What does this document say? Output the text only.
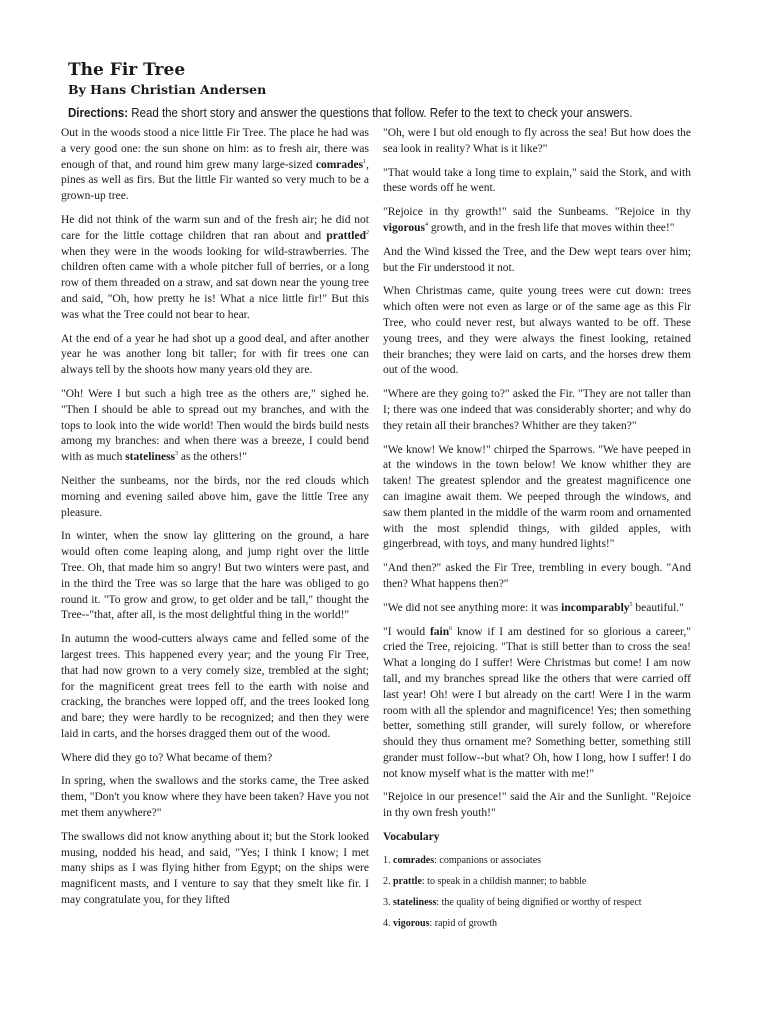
The Fir Tree
By Hans Christian Andersen

Directions: Read the short story and answer the questions that follow. Refer to the text to check your answers.

Out in the woods stood a nice little Fir Tree. The place he had was a very good one: the sun shone on him: as to fresh air, there was enough of that, and round him grew many large-sized comrades$^1$, pines as well as firs. But the little Fir wanted so very much to be a grown-up tree.

He did not think of the warm sun and of the fresh air; he did not care for the little cottage children that ran about and prattled$^2$ when they were in the woods looking for wild-strawberries. The children often came with a whole pitcher full of berries, or a long row of them threaded on a straw, and sat down near the young tree and said, "Oh, how pretty he is! What a nice little fir!" But this was what the Tree could not bear to hear.

At the end of a year he had shot up a good deal, and after another year he was another long bit taller; for with fir trees one can always tell by the shoots how many years old they are.

"Oh! Were I but such a high tree as the others are," sighed he. "Then I should be able to spread out my branches, and with the tops to look into the wide world! Then would the birds build nests among my branches: and when there was a breeze, I could bend with as much stateliness$^3$ as the others!"

Neither the sunbeams, nor the birds, nor the red clouds which morning and evening sailed above him, gave the little Tree any pleasure.

In winter, when the snow lay glittering on the ground, a hare would often come leaping along, and jump right over the little Tree. Oh, that made him so angry! But two winters were past, and in the third the Tree was so large that the hare was obliged to go round it. "To grow and grow, to get older and be tall," thought the Tree--"that, after all, is the most delightful thing in the world!"

In autumn the wood-cutters always came and felled some of the largest trees. This happened every year; and the young Fir Tree, that had now grown to a very comely size, trembled at the sight; for the magnificent great trees fell to the earth with noise and cracking, the branches were lopped off, and the trees looked long and bare; they were hardly to be recognized; and then they were laid in carts, and the horses dragged them out of the wood.

Where did they go to? What became of them?

In spring, when the swallows and the storks came, the Tree asked them, "Don't you know where they have been taken? Have you not met them anywhere?"

The swallows did not know anything about it; but the Stork looked musing, nodded his head, and said, "Yes; I think I know; I met many ships as I was flying hither from Egypt; on the ships were magnificent masts, and I venture to say that they smelt like fir. I may congratulate you, for they lifted

"Oh, were I but old enough to fly across the sea! But how does the sea look in reality? What is it like?"

"That would take a long time to explain," said the Stork, and with these words off he went.

"Rejoice in thy growth!" said the Sunbeams. "Rejoice in thy vigorous$^4$ growth, and in the fresh life that moves within thee!"

And the Wind kissed the Tree, and the Dew wept tears over him; but the Fir understood it not.

When Christmas came, quite young trees were cut down: trees which often were not even as large or of the same age as this Fir Tree, who could never rest, but always wanted to be off. These young trees, and they were always the finest looking, retained their branches; they were laid on carts, and the horses drew them out of the wood.

"Where are they going to?" asked the Fir. "They are not taller than I; there was one indeed that was considerably shorter; and why do they retain all their branches? Whither are they taken?"

"We know! We know!" chirped the Sparrows. "We have peeped in at the windows in the town below! We know whither they are taken! The greatest splendor and the greatest magnificence one can imagine await them. We peeped through the windows, and saw them planted in the middle of the warm room and ornamented with the most splendid things, with gilded apples, with gingerbread, with toys, and many hundred lights!"

"And then?" asked the Fir Tree, trembling in every bough. "And then? What happens then?"

"We did not see anything more: it was incomparably$^5$ beautiful."

"I would fain$^6$ know if I am destined for so glorious a career," cried the Tree, rejoicing. "That is still better than to cross the sea! What a longing do I suffer! Were Christmas but come! I am now tall, and my branches spread like the others that were carried off last year! Oh! were I but already on the cart! Were I in the warm room with all the splendor and magnificence! Yes; then something better, something still grander, will surely follow, or wherefore should they thus ornament me? Something better, something still grander must follow--but what? Oh, how I long, how I suffer! I do not know myself what is the matter with me!"

"Rejoice in our presence!" said the Air and the Sunlight. "Rejoice in thy own fresh youth!"

Vocabulary

1. comrades: companions or associates

2. prattle: to speak in a childish manner; to babble

3. stateliness: the quality of being dignified or worthy of respect

4. vigorous: rapid of growth
